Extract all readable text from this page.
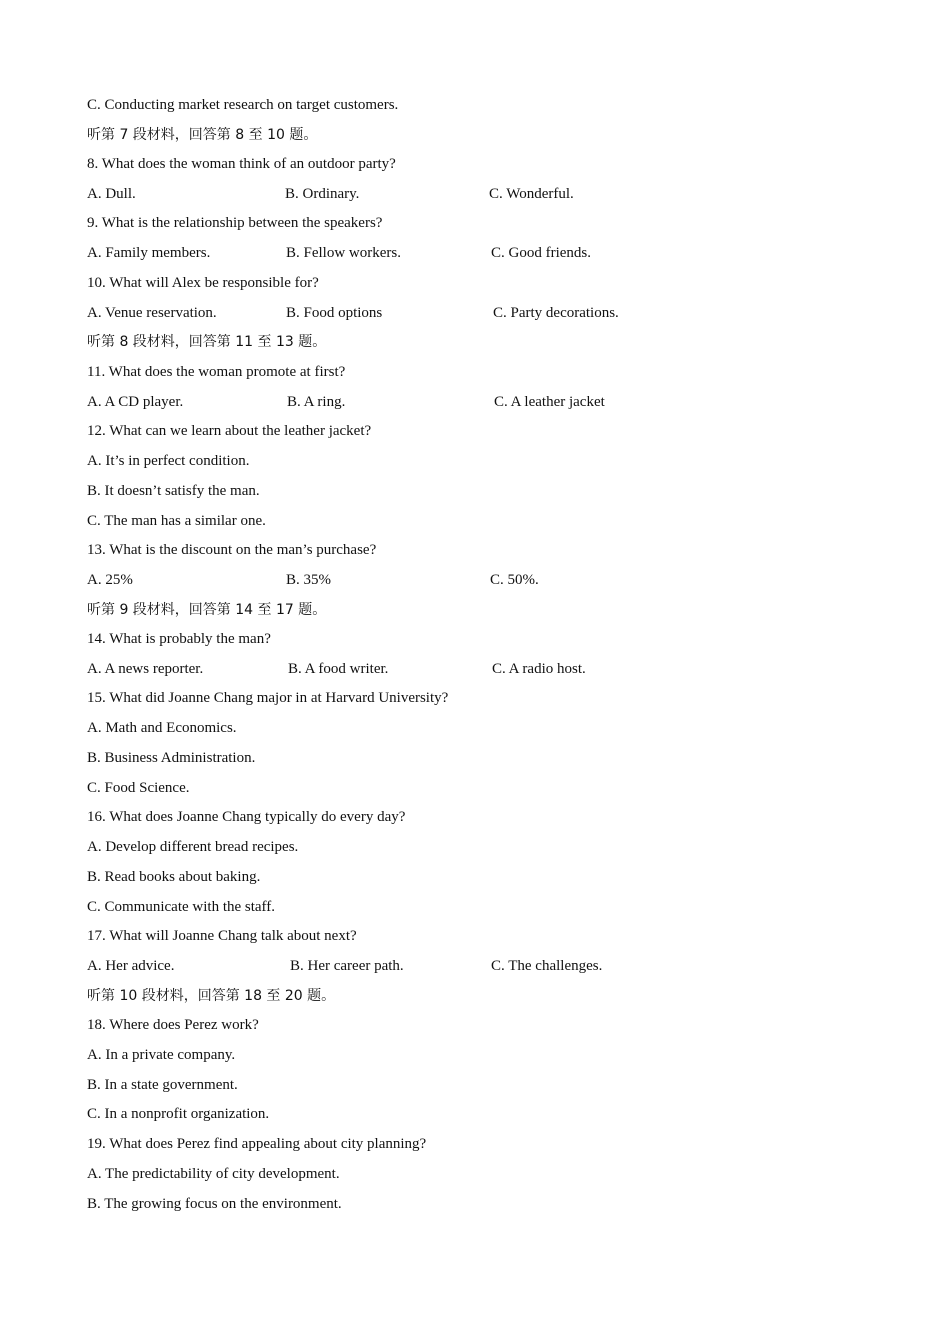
C. Conducting market research on target customers.
听第 7 段材料，回答第 8 至 10 题。
8. What does the woman think of an outdoor party?
A. Dull.	B. Ordinary.	C. Wonderful.
9. What is the relationship between the speakers?
A. Family members.	B. Fellow workers.	C. Good friends.
10. What will Alex be responsible for?
A. Venue reservation.	B. Food options	C. Party decorations.
听第 8 段材料，回答第 11 至 13 题。
11. What does the woman promote at first?
A. A CD player.	B. A ring.	C. A leather jacket
12. What can we learn about the leather jacket?
A. It’s in perfect condition.
B. It doesn’t satisfy the man.
C. The man has a similar one.
13. What is the discount on the man’s purchase?
A. 25%	B. 35%	C. 50%.
听第 9 段材料，回答第 14 至 17 题。
14. What is probably the man?
A. A news reporter.	B. A food writer.	C. A radio host.
15. What did Joanne Chang major in at Harvard University?
A. Math and Economics.
B. Business Administration.
C. Food Science.
16. What does Joanne Chang typically do every day?
A. Develop different bread recipes.
B. Read books about baking.
C. Communicate with the staff.
17. What will Joanne Chang talk about next?
A. Her advice.	B. Her career path.	C. The challenges.
听第 10 段材料，回答第 18 至 20 题。
18. Where does Perez work?
A. In a private company.
B. In a state government.
C. In a nonprofit organization.
19. What does Perez find appealing about city planning?
A. The predictability of city development.
B. The growing focus on the environment.
